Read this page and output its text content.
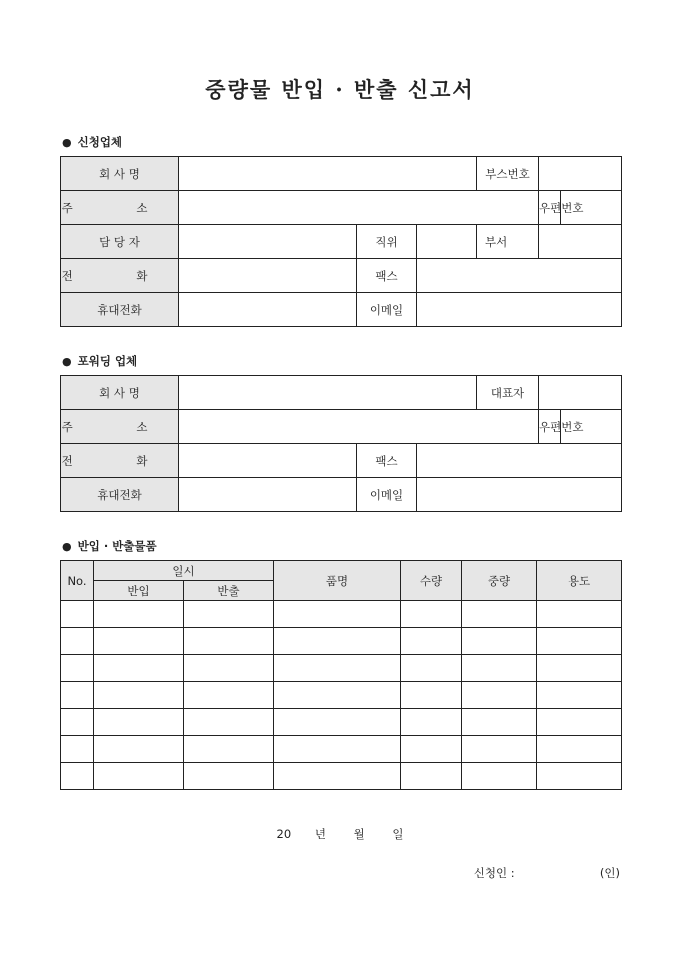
중량물 반입 · 반출 신고서
● 신청업체
회 사 명				부스번호		
주 소					우편번호	
담 당 자		직위		부서		
전 화		팩스				
휴대전화		이메일				
● 포워딩 업체
회 사 명				대표자		
주 소					우편번호	
전 화		팩스				
휴대전화		이메일				
● 반입 · 반출물품
No.	일시		품명	수량	중량	용도
	반입	반출				

20 년 월 일
신청인 :	(인)
